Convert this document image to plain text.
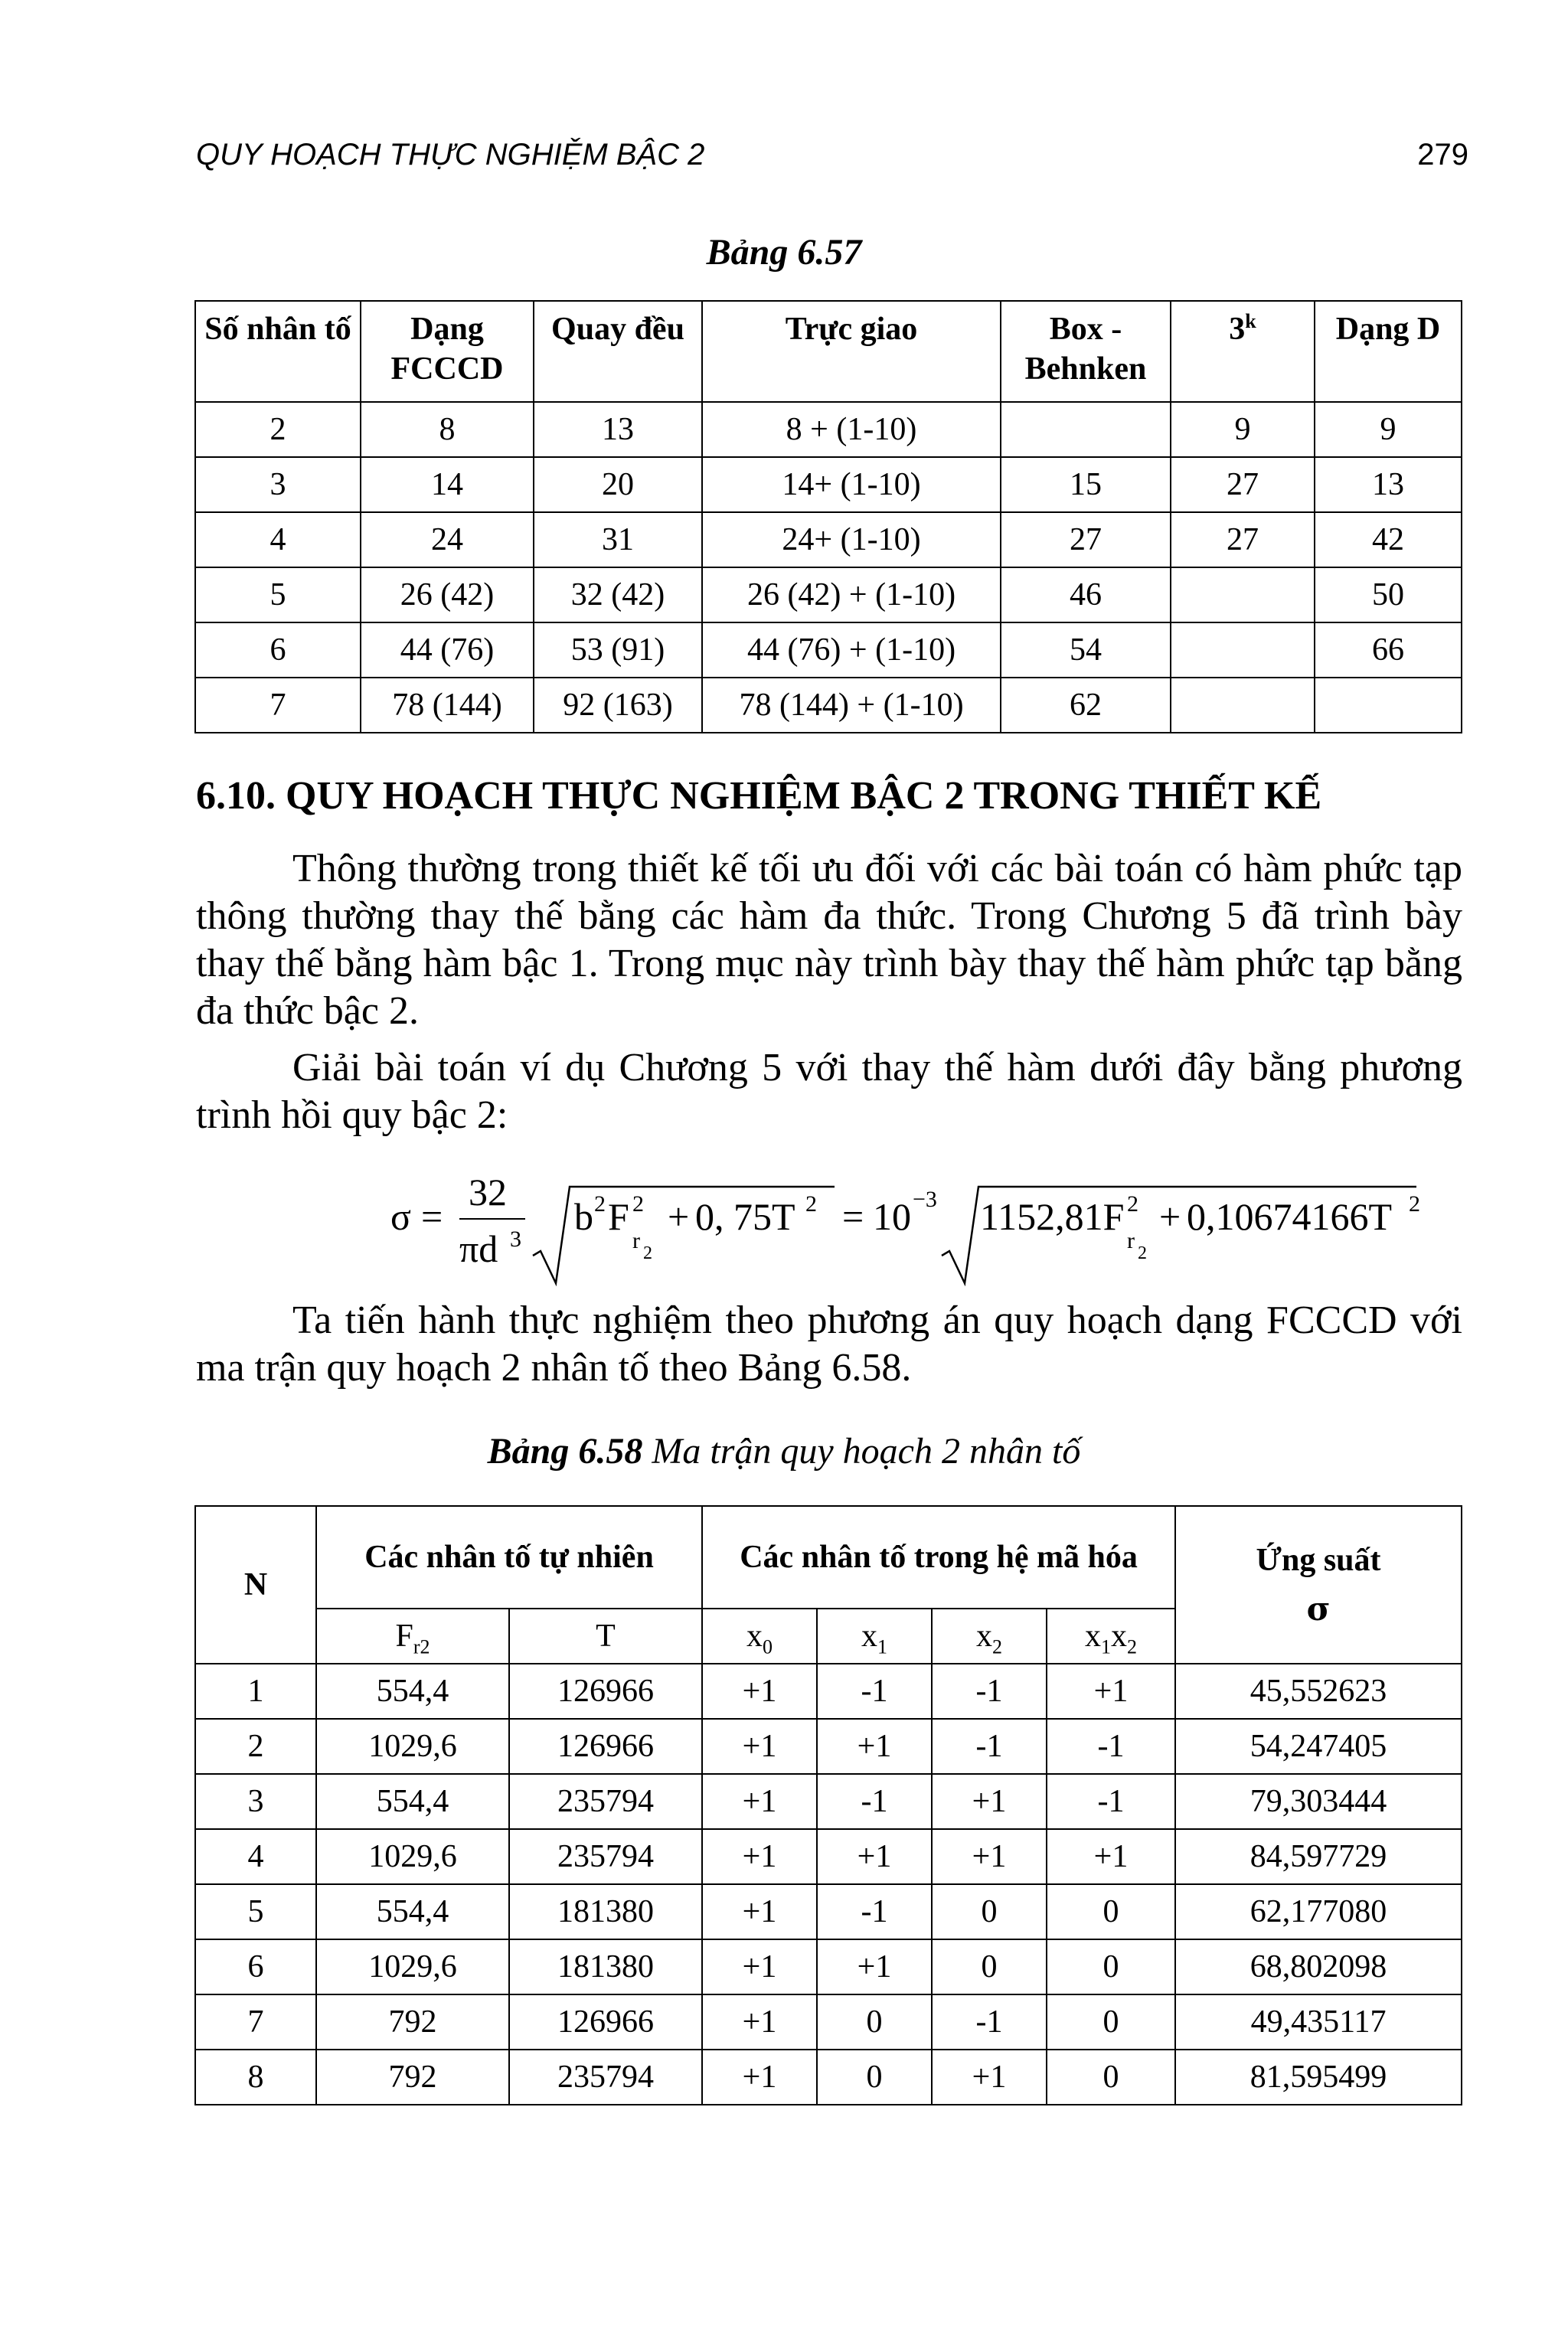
QUY HOẠCH THỰC NGHIỆM BẬC 2	279
Bảng 6.57
Số nhân tố	Dạng FCCCD	Quay đều	Trực giao	Box - Behnken	3$^k$	Dạng D
2	8	13	8 + (1-10)		9	9
3	14	20	14+ (1-10)	15	27	13
4	24	31	24+ (1-10)	27	27	42
5	26 (42)	32 (42)	26 (42) + (1-10)	46		50
6	44 (76)	53 (91)	44 (76) + (1-10)	54		66
7	78 (144)	92 (163)	78 (144) + (1-10)	62		
6.10. QUY HOẠCH THỰC NGHIỆM BẬC 2 TRONG THIẾT KẾ
Thông thường trong thiết kế tối ưu đối với các bài toán có hàm phức tạp thông thường thay thế bằng các hàm đa thức. Trong Chương 5 đã trình bày thay thế bằng hàm bậc 1. Trong mục này trình bày thay thế hàm phức tạp bằng đa thức bậc 2.
Giải bài toán ví dụ Chương 5 với thay thế hàm dưới đây bằng phương trình hồi quy bậc 2:
σ =
32
πd 3
b 2 F 2
r 2
+ 0, 75T 2 = 10 −3 1152,81F 2
r 2
+ 0,10674166T 2
Ta tiến hành thực nghiệm theo phương án quy hoạch dạng FCCCD với ma trận quy hoạch 2 nhân tố theo Bảng 6.58.
Bảng 6.58 Ma trận quy hoạch 2 nhân tố
N	Các nhân tố tự nhiên		Các nhân tố trong hệ mã hóa				Ứng suất
σ

	$F_{r2}$	T	$x_0$	$x_1$	$x_2$	$x_1x_2$
1	554,4	126966	+1	-1	-1	+1	45,552623
2	1029,6	126966	+1	+1	-1	-1	54,247405
3	554,4	235794	+1	-1	+1	-1	79,303444
4	1029,6	235794	+1	+1	+1	+1	84,597729
5	554,4	181380	+1	-1	0	0	62,177080
6	1029,6	181380	+1	+1	0	0	68,802098
7	792	126966	+1	0	-1	0	49,435117
8	792	235794	+1	0	+1	0	81,595499
